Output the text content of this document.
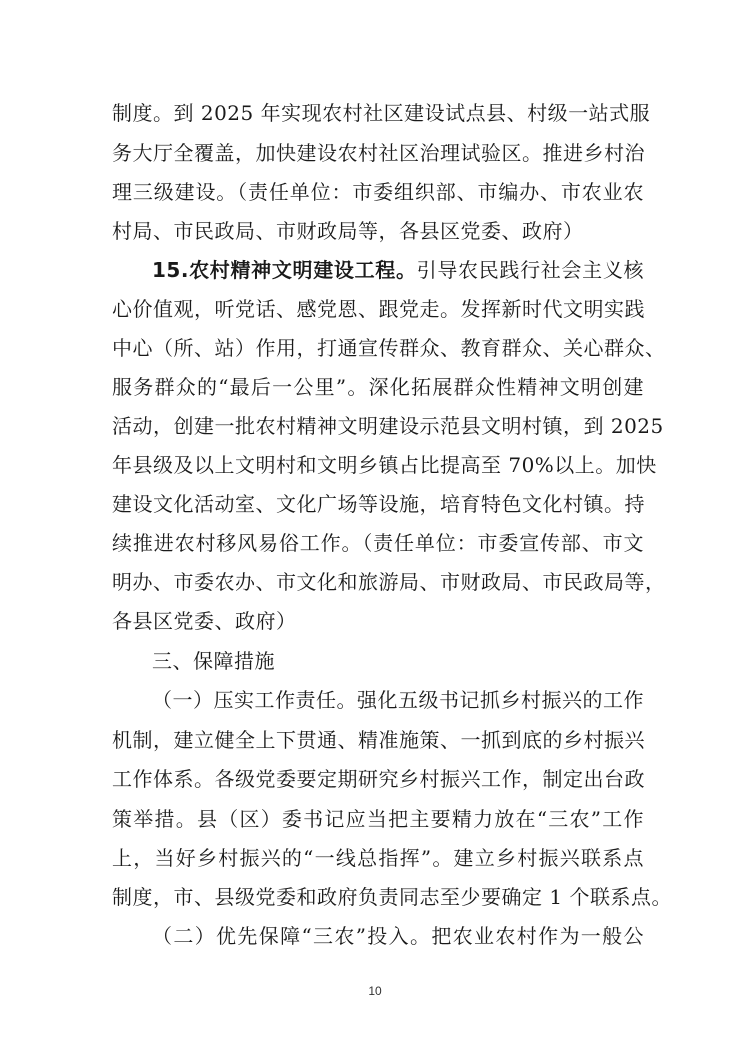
制度。到 2025 年实现农村社区建设试点县、村级一站式服
务大厅全覆盖，加快建设农村社区治理试验区。推进乡村治
理三级建设。（责任单位：市委组织部、市编办、市农业农
村局、市民政局、市财政局等，各县区党委、政府）
15.农村精神文明建设工程。引导农民践行社会主义核
心价值观，听党话、感党恩、跟党走。发挥新时代文明实践
中心（所、站）作用，打通宣传群众、教育群众、关心群众、
服务群众的“最后一公里”。深化拓展群众性精神文明创建
活动，创建一批农村精神文明建设示范县文明村镇，到 2025
年县级及以上文明村和文明乡镇占比提高至 70%以上。加快
建设文化活动室、文化广场等设施，培育特色文化村镇。持
续推进农村移风易俗工作。（责任单位：市委宣传部、市文
明办、市委农办、市文化和旅游局、市财政局、市民政局等，
各县区党委、政府）
三、保障措施
（一）压实工作责任。强化五级书记抓乡村振兴的工作
机制，建立健全上下贯通、精准施策、一抓到底的乡村振兴
工作体系。各级党委要定期研究乡村振兴工作，制定出台政
策举措。县（区）委书记应当把主要精力放在“三农”工作
上，当好乡村振兴的“一线总指挥”。建立乡村振兴联系点
制度，市、县级党委和政府负责同志至少要确定 1 个联系点。
（二）优先保障“三农”投入。把农业农村作为一般公
10
